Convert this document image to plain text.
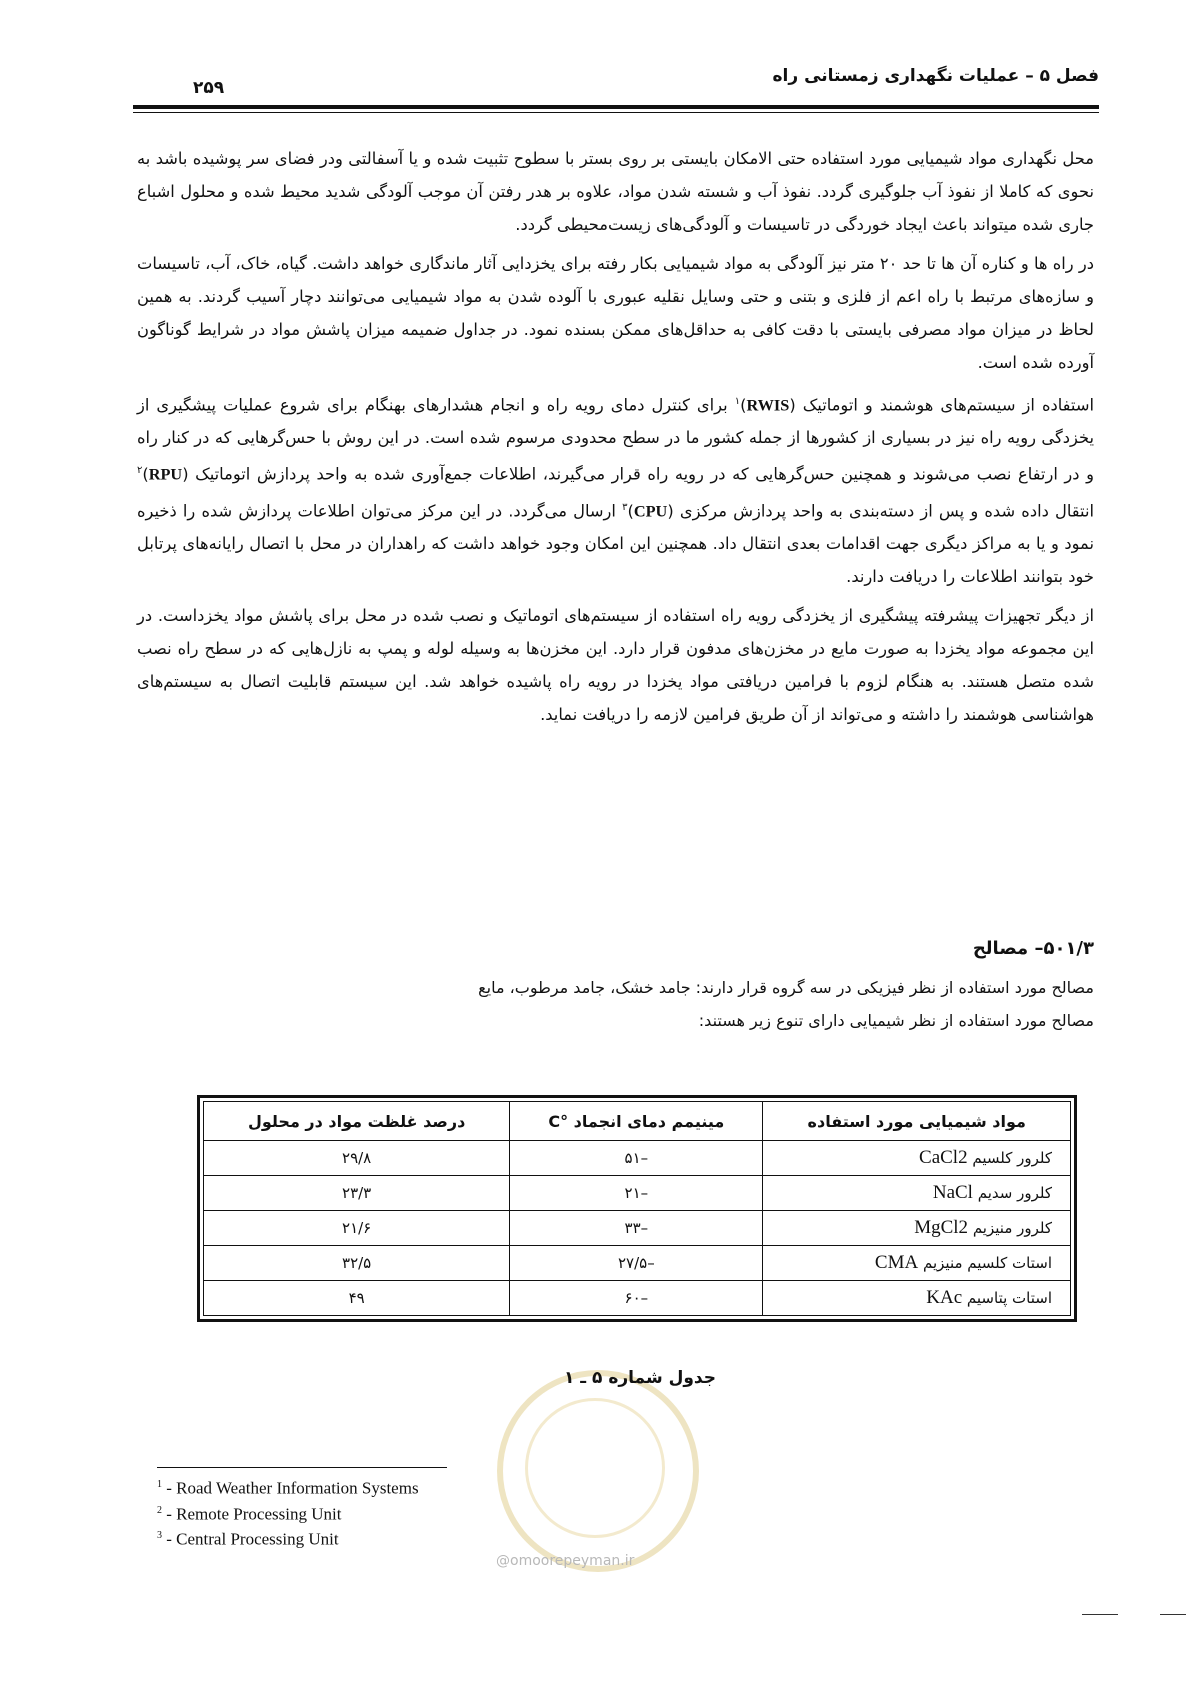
فصل ۵ – عملیات نگهداری زمستانی راه
۲۵۹

محل نگهداری مواد شیمیایی مورد استفاده حتی الامکان بایستی بر روی بستر با سطوح تثبیت شده و یا آسفالتی ودر فضای سر پوشیده باشد به نحوی که کاملا از نفوذ آب جلوگیری گردد. نفوذ آب و شسته شدن مواد، علاوه بر هدر رفتن آن موجب آلودگی شدید محیط شده و محلول اشباع جاری شده میتواند باعث ایجاد خوردگی در تاسیسات و آلودگی‌های زیست‌محیطی گردد.

در راه ها و کناره آن ها تا حد ۲۰ متر نیز آلودگی به مواد شیمیایی بکار رفته برای یخزدایی آثار ماندگاری خواهد داشت. گیاه، خاک، آب، تاسیسات و سازه‌های مرتبط با راه اعم از فلزی و بتنی و حتی وسایل نقلیه عبوری با آلوده شدن به مواد شیمیایی می‌توانند دچار آسیب گردند. به همین لحاظ در میزان مواد مصرفی بایستی با دقت کافی به حداقل‌های ممکن بسنده نمود. در جداول ضمیمه میزان پاشش مواد در شرایط گوناگون آورده شده است.

استفاده از سیستم‌های هوشمند و اتوماتیک (RWIS)$^۱$ برای کنترل دمای رویه راه و انجام هشدارهای بهنگام برای شروع عملیات پیشگیری از یخزدگی رویه راه نیز در بسیاری از کشورها از جمله کشور ما در سطح محدودی مرسوم شده است. در این روش با حس‌گرهایی که در کنار راه و در ارتفاع نصب می‌شوند و همچنین حس‌گرهایی که در رویه راه قرار می‌گیرند، اطلاعات جمع‌آوری شده به واحد پردازش اتوماتیک (RPU)$^۲$ انتقال داده شده و پس از دسته‌بندی به واحد پردازش مرکزی (CPU)$^۳$ ارسال می‌گردد. در این مرکز می‌توان اطلاعات پردازش شده را ذخیره نمود و یا به مراکز دیگری جهت اقدامات بعدی انتقال داد. همچنین این امکان وجود خواهد داشت که راهداران در محل با اتصال رایانه‌های پرتابل خود بتوانند اطلاعات را دریافت دارند.

از دیگر تجهیزات پیشرفته پیشگیری از یخزدگی رویه راه استفاده از سیستم‌های اتوماتیک و نصب شده در محل برای پاشش مواد یخزداست. در این مجموعه مواد یخزدا به صورت مایع در مخزن‌های مدفون قرار دارد. این مخزن‌ها به وسیله لوله و پمپ به نازل‌هایی که در سطح راه نصب شده متصل هستند. به هنگام لزوم با فرامین دریافتی مواد یخزدا در رویه راه پاشیده خواهد شد. این سیستم قابلیت اتصال به سیستم‌های هواشناسی هوشمند را داشته و می‌تواند از آن طریق فرامین لازمه را دریافت نماید.

۵۰۱/۳– مصالح

مصالح مورد استفاده از نظر فیزیکی در سه گروه قرار دارند: جامد خشک، جامد مرطوب، مایع

مصالح مورد استفاده از نظر شیمیایی دارای تنوع زیر هستند:

مواد شیمیایی مورد استفاده	مینیمم دمای انجماد °C	درصد غلظت مواد در محلول
کلرور کلسیم CaCl2	–۵۱	۲۹/۸
کلرور سدیم NaCl	–۲۱	۲۳/۳
کلرور منیزیم MgCl2	–۳۳	۲۱/۶
استات کلسیم منیزیم CMA	–۲۷/۵	۳۲/۵
استات پتاسیم KAc	–۶۰	۴۹
جدول شماره ۵ ـ ۱
@omoorepeyman.ir
$^1$ - Road Weather Information Systems
$^2$ - Remote Processing Unit
$^3$ - Central Processing Unit
